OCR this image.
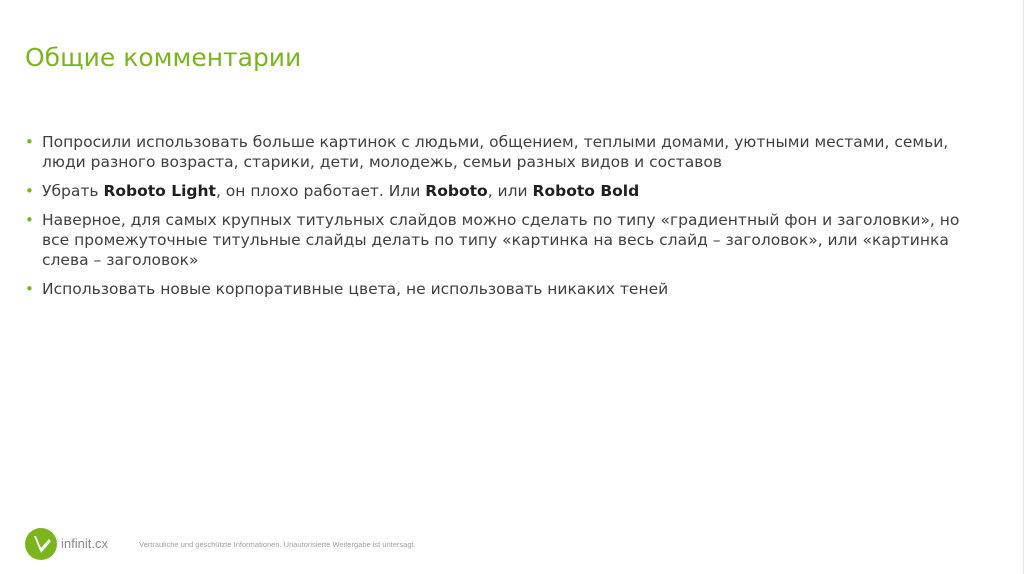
Общие комментарии
• Попросили использовать больше картинок с людьми, общением, теплыми домами, уютными местами, семьи, люди разного возраста, старики, дети, молодежь, семьи разных видов и составов
• Убрать Roboto Light, он плохо работает. Или Roboto, или Roboto Bold
• Наверное, для самых крупных титульных слайдов можно сделать по типу «градиентный фон и заголовки», но все промежуточные титульные слайды делать по типу «картинка на весь слайд – заголовок», или «картинка слева – заголовок»
• Использовать новые корпоративные цвета, не использовать никаких теней
infinit.cx	Vertrauliche und geschützte Informationen. Unautorisierte Weitergabe ist untersagt.
